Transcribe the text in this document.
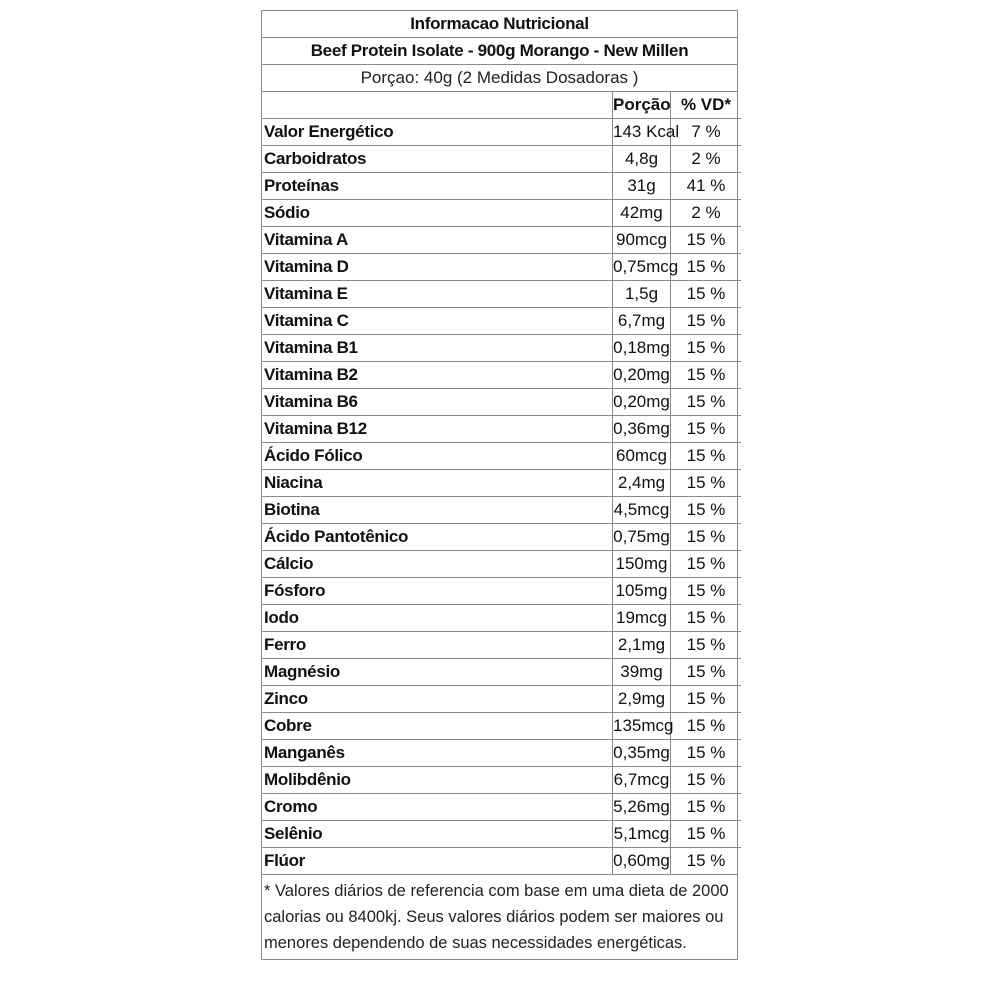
Informacao Nutricional
Beef Protein Isolate - 900g Morango - New Millen
Porçao: 40g (2 Medidas Dosadoras )
	Porção	% VD*
Valor Energético	143 Kcal	7 %
Carboidratos	4,8g	2 %
Proteínas	31g	41 %
Sódio	42mg	2 %
Vitamina A	90mcg	15 %
Vitamina D	0,75mcg	15 %
Vitamina E	1,5g	15 %
Vitamina C	6,7mg	15 %
Vitamina B1	0,18mg	15 %
Vitamina B2	0,20mg	15 %
Vitamina B6	0,20mg	15 %
Vitamina B12	0,36mg	15 %
Ácido Fólico	60mcg	15 %
Niacina	2,4mg	15 %
Biotina	4,5mcg	15 %
Ácido Pantotênico	0,75mg	15 %
Cálcio	150mg	15 %
Fósforo	105mg	15 %
Iodo	19mcg	15 %
Ferro	2,1mg	15 %
Magnésio	39mg	15 %
Zinco	2,9mg	15 %
Cobre	135mcg	15 %
Manganês	0,35mg	15 %
Molibdênio	6,7mcg	15 %
Cromo	5,26mg	15 %
Selênio	5,1mcg	15 %
Flúor	0,60mg	15 %
* Valores diários de referencia com base em uma dieta de 2000
calorias ou 8400kj. Seus valores diários podem ser maiores ou
menores dependendo de suas necessidades energéticas.
